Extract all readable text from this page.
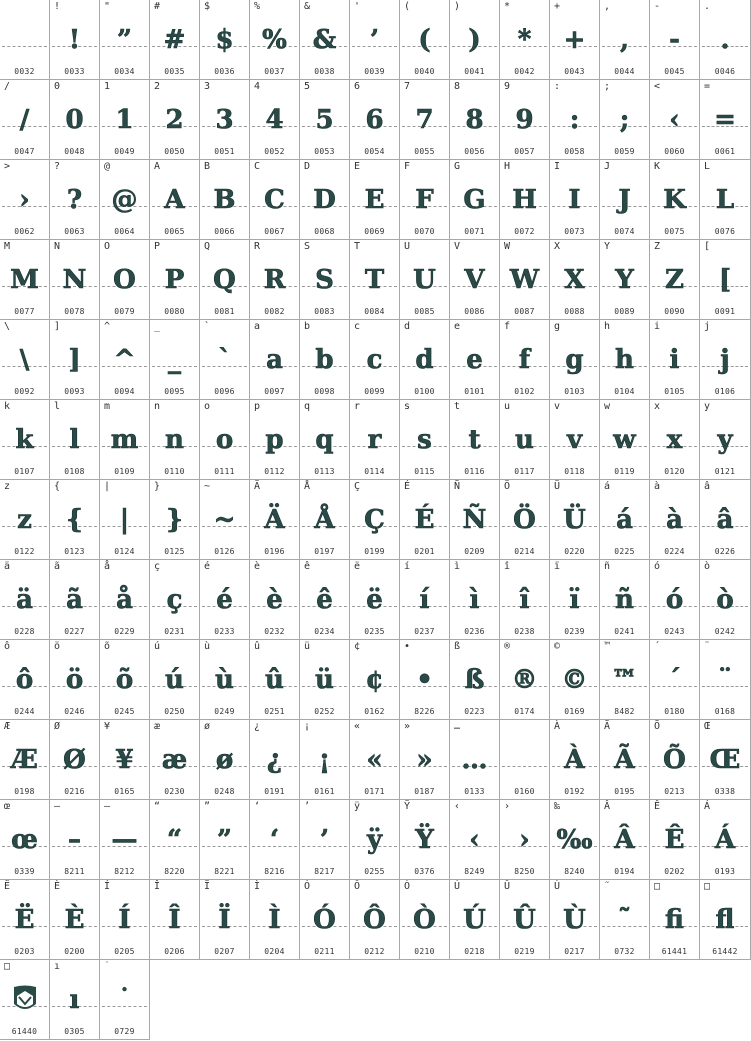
0032
!
!
0033
"
”
0034
#
#
0035
$
$
0036
%
%
0037
&
&
0038
'
’
0039
(
(
0040
)
)
0041
*
*
0042
+
+
0043
,
,
0044
-
-
0045
.
.
0046
/
/
0047
0
0
0048
1
1
0049
2
2
0050
3
3
0051
4
4
0052
5
5
0053
6
6
0054
7
7
0055
8
8
0056
9
9
0057
:
:
0058
;
;
0059
<
‹
0060
=
=
0061
>
›
0062
?
?
0063
@
@
0064
A
A
0065
B
B
0066
C
C
0067
D
D
0068
E
E
0069
F
F
0070
G
G
0071
H
H
0072
I
I
0073
J
J
0074
K
K
0075
L
L
0076
M
M
0077
N
N
0078
O
O
0079
P
P
0080
Q
Q
0081
R
R
0082
S
S
0083
T
T
0084
U
U
0085
V
V
0086
W
W
0087
X
X
0088
Y
Y
0089
Z
Z
0090
[
[
0091
\
\
0092
]
]
0093
^
^
0094
_
_
0095
`
`
0096
a
a
0097
b
b
0098
c
c
0099
d
d
0100
e
e
0101
f
f
0102
g
g
0103
h
h
0104
i
i
0105
j
j
0106
k
k
0107
l
l
0108
m
m
0109
n
n
0110
o
o
0111
p
p
0112
q
q
0113
r
r
0114
s
s
0115
t
t
0116
u
u
0117
v
v
0118
w
w
0119
x
x
0120
y
y
0121
z
z
0122
{
{
0123
|
|
0124
}
}
0125
~
~
0126
Ä
Ä
0196
Å
Å
0197
Ç
Ç
0199
É
É
0201
Ñ
Ñ
0209
Ö
Ö
0214
Ü
Ü
0220
á
á
0225
à
à
0224
â
â
0226
ä
ä
0228
ã
ã
0227
å
å
0229
ç
ç
0231
é
é
0233
è
è
0232
ê
ê
0234
ë
ë
0235
í
í
0237
ì
ì
0236
î
î
0238
ï
ï
0239
ñ
ñ
0241
ó
ó
0243
ò
ò
0242
ô
ô
0244
ö
ö
0246
õ
õ
0245
ú
ú
0250
ù
ù
0249
û
û
0251
ü
ü
0252
¢
¢
0162
•
•
8226
ß
ß
0223
®
®
0174
©
©
0169
™
™
8482
´
´
0180
¨
¨
0168
Æ
Æ
0198
Ø
Ø
0216
¥
¥
0165
æ
æ
0230
ø
ø
0248
¿
¿
0191
¡
¡
0161
«
«
0171
»
»
0187
…
…
0133	0160
À
À
0192
Ã
Ã
0195
Õ
Õ
0213
Œ
Œ
0338
œ
œ
0339
–
–
8211
—
—
8212
“
“
8220
”
”
8221
‘
‘
8216
’
’
8217
ÿ
ÿ
0255
Ÿ
Ÿ
0376
‹
‹
8249
›
›
8250
‰
‰
8240
Â
Â
0194
Ê
Ê
0202
Á
Á
0193
Ë
Ë
0203
È
È
0200
Í
Í
0205
Î
Î
0206
Ï
Ï
0207
Ì
Ì
0204
Ó
Ó
0211
Ô
Ô
0212
Ò
Ò
0210
Ú
Ú
0218
Û
Û
0219
Ù
Ù
0217
˜
˜
0732
□
fi
61441
□
fl
61442
□
61440
ı
ı
0305
˙
˙
0729
